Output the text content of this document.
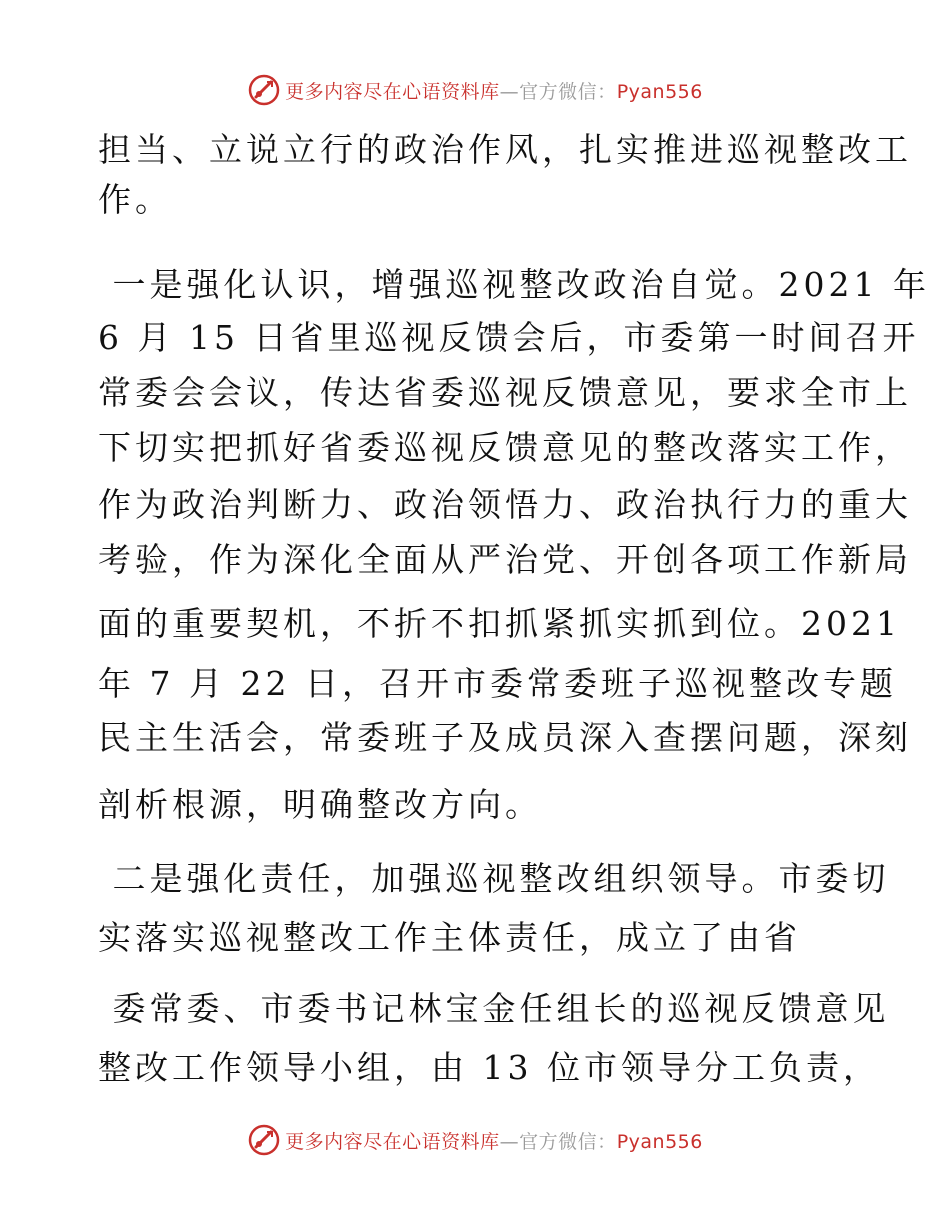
更多内容尽在心语资料库—官方微信：Pyan556
担当、立说立行的政治作风，扎实推进巡视整改工
作。
一是强化认识，增强巡视整改政治自觉。2021 年
6 月 15 日省里巡视反馈会后，市委第一时间召开
常委会会议，传达省委巡视反馈意见，要求全市上
下切实把抓好省委巡视反馈意见的整改落实工作，
作为政治判断力、政治领悟力、政治执行力的重大
考验，作为深化全面从严治党、开创各项工作新局
面的重要契机，不折不扣抓紧抓实抓到位。2021
年 7 月 22 日，召开市委常委班子巡视整改专题
民主生活会，常委班子及成员深入查摆问题，深刻
剖析根源，明确整改方向。
二是强化责任，加强巡视整改组织领导。市委切
实落实巡视整改工作主体责任，成立了由省
委常委、市委书记林宝金任组长的巡视反馈意见
整改工作领导小组，由 13 位市领导分工负责，
更多内容尽在心语资料库—官方微信：Pyan556
